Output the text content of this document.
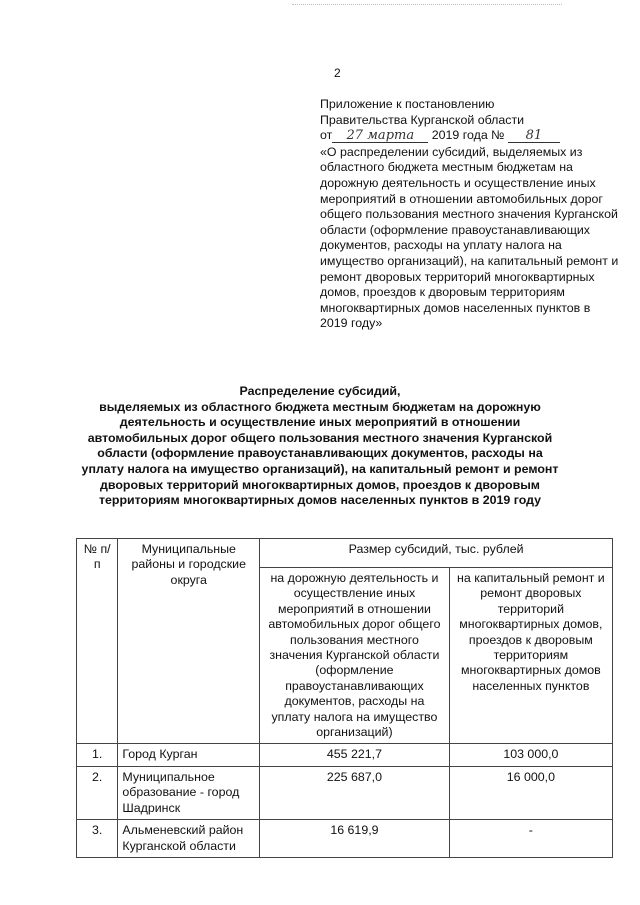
2
Приложение к постановлению
Правительства Курганской области
от 27 марта 2019 года № 81
«О распределении субсидий, выделяемых из областного бюджета местным бюджетам на дорожную деятельность и осуществление иных мероприятий в отношении автомобильных дорог общего пользования местного значения Курганской области (оформление правоустанавливающих документов, расходы на уплату налога на имущество организаций), на капитальный ремонт и ремонт дворовых территорий многоквартирных домов, проездов к дворовым территориям многоквартирных домов населенных пунктов в 2019 году»
Распределение субсидий,
выделяемых из областного бюджета местным бюджетам на дорожную деятельность и осуществление иных мероприятий в отношении автомобильных дорог общего пользования местного значения Курганской области (оформление правоустанавливающих документов, расходы на уплату налога на имущество организаций), на капитальный ремонт и ремонт дворовых территорий многоквартирных домов, проездов к дворовым территориям многоквартирных домов населенных пунктов в 2019 году
№ п/п	Муниципальные районы и городские округа	Размер субсидий, тыс. рублей	
		на дорожную деятельность и осуществление иных мероприятий в отношении автомобильных дорог общего пользования местного значения Курганской области (оформление правоустанавливающих документов, расходы на уплату налога на имущество организаций)	на капитальный ремонт и ремонт дворовых территорий многоквартирных домов, проездов к дворовым территориям многоквартирных домов населенных пунктов
1.	Город Курган	455 221,7	103 000,0
2.	Муниципальное образование - город Шадринск	225 687,0	16 000,0
3.	Альменевский район Курганской области	16 619,9	-
